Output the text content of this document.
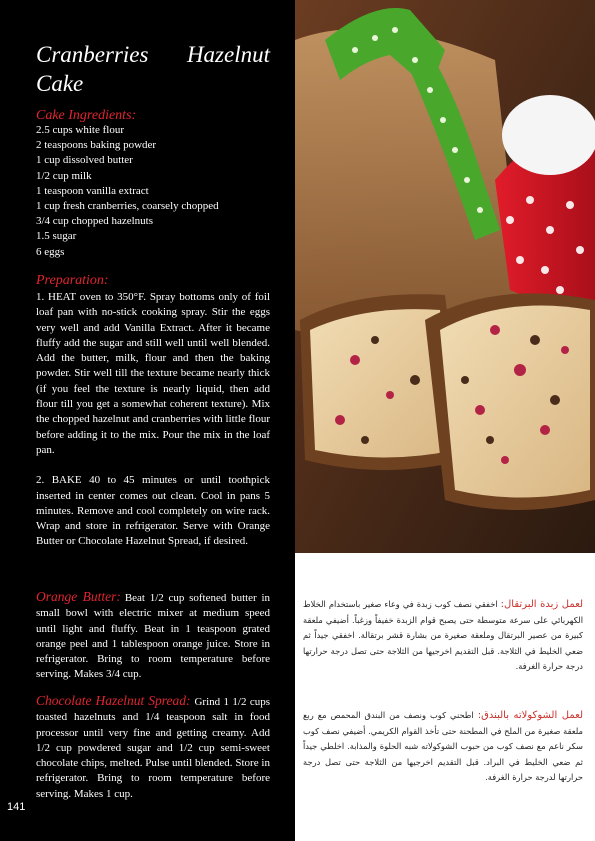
Cranberries Hazelnut
Cake
Cake Ingredients:
2.5 cups white flour
2 teaspoons baking powder
1 cup dissolved butter
1/2 cup milk
1 teaspoon vanilla extract
1 cup fresh cranberries, coarsely chopped
3/4 cup chopped hazelnuts
1.5 sugar
6 eggs
Preparation:

1. HEAT oven to 350°F. Spray bottoms only of foil loaf pan with no-stick cooking spray. Stir the eggs very well and add Vanilla Extract. After it became fluffy add the sugar and still well until well blended. Add the butter, milk, flour and then the baking powder. Stir well till the texture became nearly thick (if you feel the texture is nearly liquid, then add flour till you get a somewhat coherent texture). Mix the chopped hazelnut and cranberries with little flour before adding it to the mix. Pour the mix in the loaf pan.

2. BAKE 40 to 45 minutes or until toothpick inserted in center comes out clean. Cool in pans 5 minutes. Remove and cool completely on wire rack. Wrap and store in refrigerator. Serve with Orange Butter or Chocolate Hazelnut Spread, if desired.

Orange Butter: Beat 1/2 cup softened butter in small bowl with electric mixer at medium speed until light and fluffy. Beat in 1 teaspoon grated orange peel and 1 tablespoon orange juice. Store in refrigerator. Bring to room temperature before serving. Makes 3/4 cup.

Chocolate Hazelnut Spread: Grind 1 1/2 cups toasted hazelnuts and 1/4 teaspoon salt in food processor until very fine and getting creamy. Add 1/2 cup powdered sugar and 1/2 cup semi-sweet chocolate chips, melted. Pulse until blended. Store in refrigerator. Bring to room temperature before serving. Makes 1 cup.

141

لعمل زبدة البرتقال: اخفقي نصف كوب زبدة في وعاء صغير باستخدام الخلاط الكهربائي على سرعة متوسطة حتى يصبح قوام الزبدة خفيفاً وزغباً. أضيفي ملعقة كبيرة من عصير البرتقال وملعقة صغيرة من بشارة قشر برتقالة. اخفقي جيداً ثم ضعي الخليط في الثلاجة. قبل التقديم اخرجيها من الثلاجة حتى تصل درجة حرارتها درجة حرارة الغرفة.

لعمل الشوكولاته بالبندق: اطحني كوب ونصف من البندق المحمص مع ربع ملعقة صغيرة من الملح في المطحنة حتى تأخذ القوام الكريمي. أضيفي نصف كوب سكر ناعم مع نصف كوب من حبوب الشوكولاته شبه الحلوة والمذابة. اخلطي جيداً ثم ضعي الخليط في البراد. قبل التقديم اخرجيها من الثلاجة حتى تصل درجة حرارتها لدرجة حرارة الغرفة.
